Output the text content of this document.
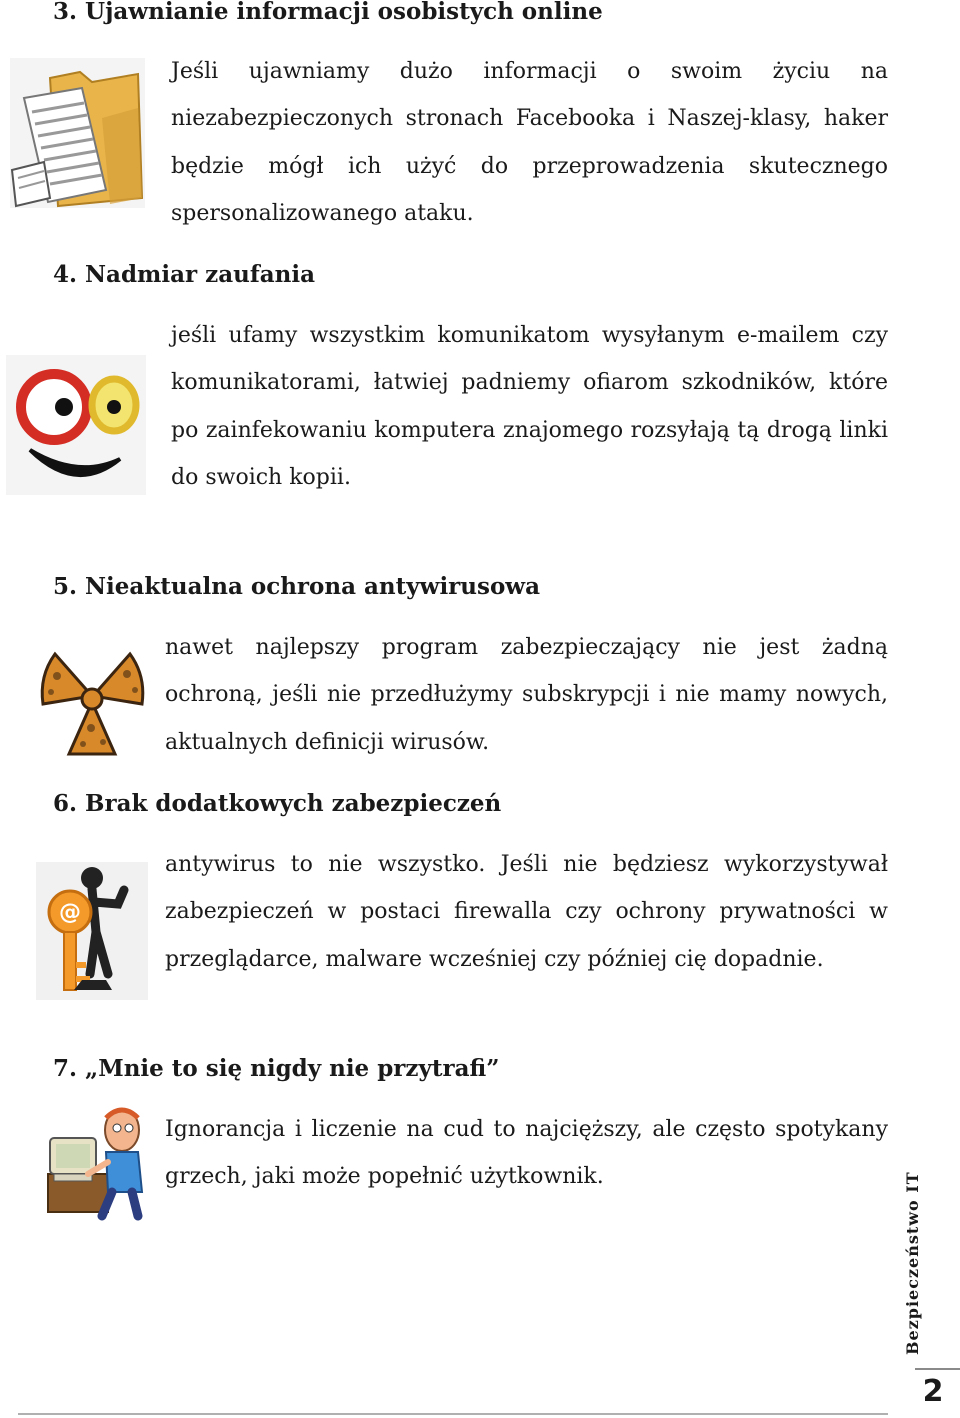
3. Ujawnianie informacji osobistych online

Jeśli ujawniamy dużo informacji o swoim życiu na niezabezpieczonych stronach Facebooka i Naszej-klasy, haker będzie mógł ich użyć do przeprowadzenia skutecznego spersonalizowanego ataku.

4. Nadmiar zaufania

jeśli ufamy wszystkim komunikatom wysyłanym e-mailem czy komunikatorami, łatwiej padniemy ofiarom szkodników, które po zainfekowaniu komputera znajomego rozsyłają tą drogą linki do swoich kopii.

5. Nieaktualna ochrona antywirusowa

nawet najlepszy program zabezpieczający nie jest żadną ochroną, jeśli nie przedłużymy subskrypcji i nie mamy nowych, aktualnych definicji wirusów.

6. Brak dodatkowych zabezpieczeń
@

antywirus to nie wszystko. Jeśli nie będziesz wykorzystywał zabezpieczeń w postaci firewalla czy ochrony prywatności w przeglądarce, malware wcześniej czy później cię dopadnie.

7. „Mnie to się nigdy nie przytrafi”

Ignorancja i liczenie na cud to najcięższy, ale często spotykany grzech, jaki może popełnić użytkownik.	Bezpieczeństwo IT
2
